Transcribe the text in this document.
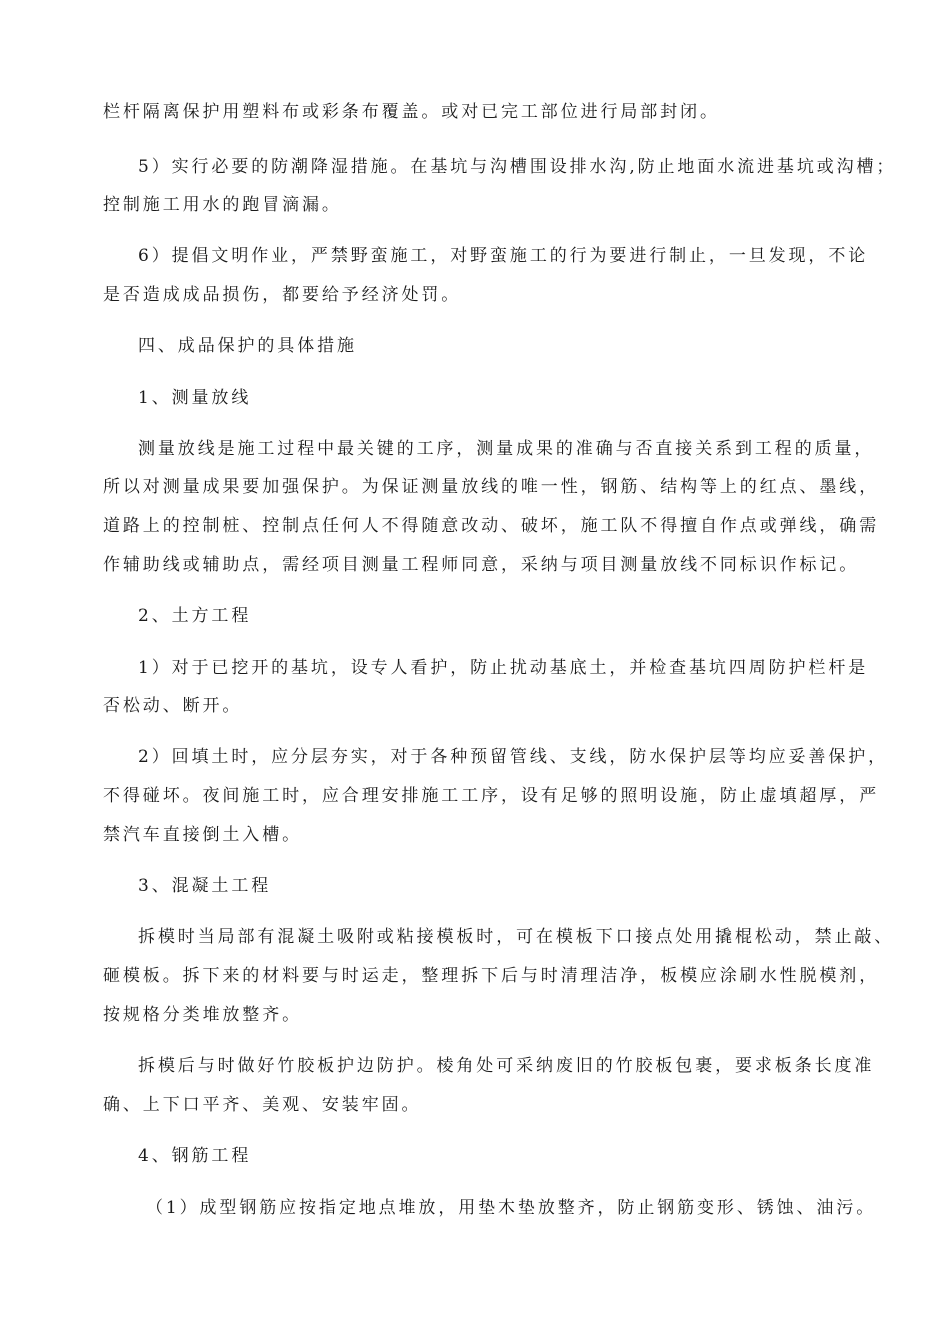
栏杆隔离保护用塑料布或彩条布覆盖。或对已完工部位进行局部封闭。

5）实行必要的防潮降湿措施。在基坑与沟槽围设排水沟,防止地面水流进基坑或沟槽；

控制施工用水的跑冒滴漏。

6）提倡文明作业，严禁野蛮施工，对野蛮施工的行为要进行制止，一旦发现，不论

是否造成成品损伤，都要给予经济处罚。

四、成品保护的具体措施

1、测量放线

测量放线是施工过程中最关键的工序，测量成果的准确与否直接关系到工程的质量，

所以对测量成果要加强保护。为保证测量放线的唯一性，钢筋、结构等上的红点、墨线，

道路上的控制桩、控制点任何人不得随意改动、破坏，施工队不得擅自作点或弹线，确需

作辅助线或辅助点，需经项目测量工程师同意，采纳与项目测量放线不同标识作标记。

2、土方工程

1）对于已挖开的基坑，设专人看护，防止扰动基底土，并检查基坑四周防护栏杆是

否松动、断开。

2）回填土时，应分层夯实，对于各种预留管线、支线，防水保护层等均应妥善保护，

不得碰坏。夜间施工时，应合理安排施工工序，设有足够的照明设施，防止虚填超厚，严

禁汽车直接倒土入槽。

3、混凝土工程

拆模时当局部有混凝土吸附或粘接模板时，可在模板下口接点处用撬棍松动，禁止敲、

砸模板。拆下来的材料要与时运走，整理拆下后与时清理洁净，板模应涂刷水性脱模剂，

按规格分类堆放整齐。

拆模后与时做好竹胶板护边防护。棱角处可采纳废旧的竹胶板包裹，要求板条长度准

确、上下口平齐、美观、安装牢固。

4、钢筋工程

（1）成型钢筋应按指定地点堆放，用垫木垫放整齐，防止钢筋变形、锈蚀、油污。
